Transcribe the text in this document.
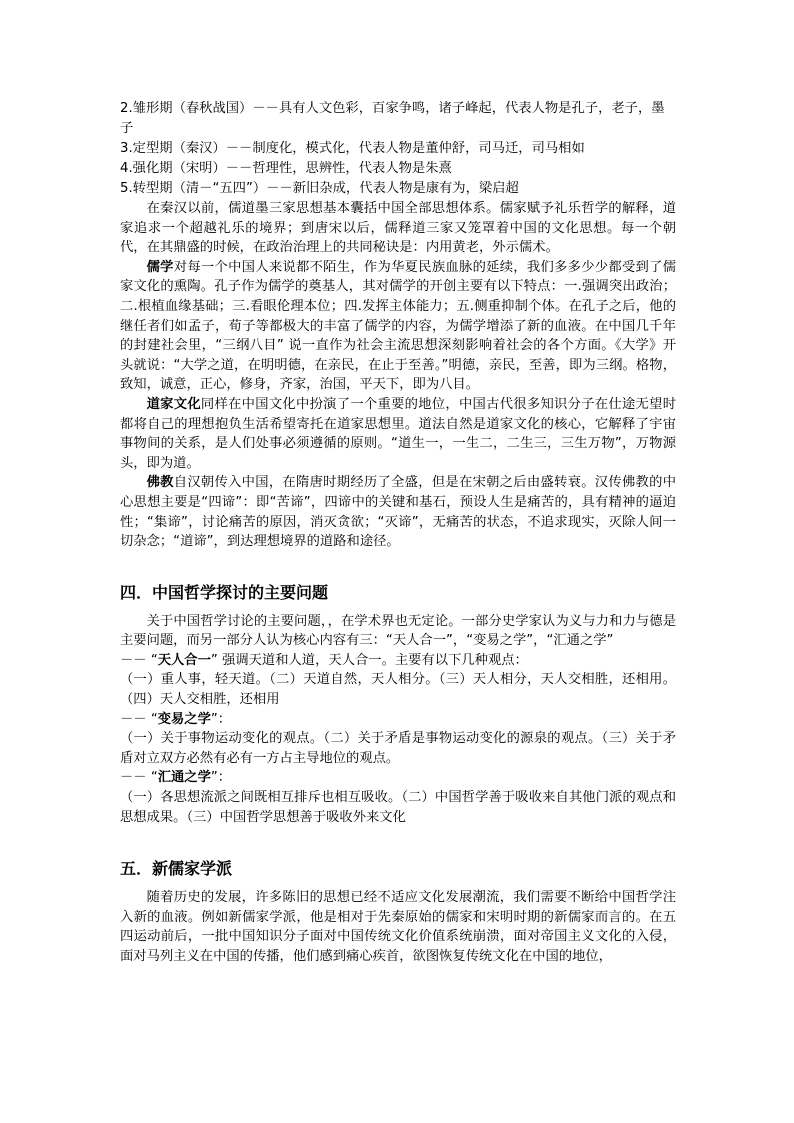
2.雏形期（春秋战国）－－具有人文色彩，百家争鸣，诸子峰起，代表人物是孔子，老子，墨子

3.定型期（秦汉）－－制度化，模式化，代表人物是董仲舒，司马迁，司马相如

4.强化期（宋明）－－哲理性，思辨性，代表人物是朱熹

5.转型期（清－“五四”）－－新旧杂成，代表人物是康有为，梁启超

在秦汉以前，儒道墨三家思想基本囊括中国全部思想体系。儒家赋予礼乐哲学的解释，道家追求一个超越礼乐的境界；到唐宋以后，儒释道三家又笼罩着中国的文化思想。每一个朝代，在其鼎盛的时候，在政治治理上的共同秘诀是：内用黄老，外示儒术。

儒学对每一个中国人来说都不陌生，作为华夏民族血脉的延续，我们多多少少都受到了儒家文化的熏陶。孔子作为儒学的奠基人，其对儒学的开创主要有以下特点：一.强调突出政治；二.根植血缘基础；三.看眼伦理本位；四.发挥主体能力；五.侧重抑制个体。在孔子之后，他的继任者们如孟子，荀子等都极大的丰富了儒学的内容，为儒学增添了新的血液。在中国几千年的封建社会里，“三纲八目” 说一直作为社会主流思想深刻影响着社会的各个方面。《大学》开头就说：“大学之道，在明明德，在亲民，在止于至善。”明德，亲民，至善，即为三纲。格物，致知，诚意，正心，修身，齐家，治国，平天下，即为八目。

道家文化同样在中国文化中扮演了一个重要的地位，中国古代很多知识分子在仕途无望时都将自己的理想抱负生活希望寄托在道家思想里。道法自然是道家文化的核心，它解释了宇宙事物间的关系，是人们处事必须遵循的原则。“道生一，一生二，二生三，三生万物”，万物源头，即为道。

佛教自汉朝传入中国，在隋唐时期经历了全盛，但是在宋朝之后由盛转衰。汉传佛教的中心思想主要是“四谛”：即“苦谛”，四谛中的关键和基石，预设人生是痛苦的，具有精神的逼迫性；“集谛”，讨论痛苦的原因，消灭贪欲；“灭谛”，无痛苦的状态，不追求现实，灭除人间一切杂念；“道谛”，到达理想境界的道路和途径。

四．中国哲学探讨的主要问题

关于中国哲学讨论的主要问题，，在学术界也无定论。一部分史学家认为义与力和力与德是主要问题，而另一部分人认为核心内容有三：“天人合一”，“变易之学”，“汇通之学”

－－ “天人合一” 强调天道和人道，天人合一。主要有以下几种观点：

（一）重人事，轻天道。（二）天道自然，天人相分。（三）天人相分，天人交相胜，还相用。（四）天人交相胜，还相用

－－ “变易之学”：

（一）关于事物运动变化的观点。（二）关于矛盾是事物运动变化的源泉的观点。（三）关于矛盾对立双方必然有必有一方占主导地位的观点。

－－ “汇通之学”：

（一）各思想流派之间既相互排斥也相互吸收。（二）中国哲学善于吸收来自其他门派的观点和思想成果。（三）中国哲学思想善于吸收外来文化

五．新儒家学派

随着历史的发展，许多陈旧的思想已经不适应文化发展潮流，我们需要不断给中国哲学注入新的血液。例如新儒家学派，他是相对于先秦原始的儒家和宋明时期的新儒家而言的。在五四运动前后，一批中国知识分子面对中国传统文化价值系统崩溃，面对帝国主义文化的入侵，面对马列主义在中国的传播，他们感到痛心疾首，欲图恢复传统文化在中国的地位，
